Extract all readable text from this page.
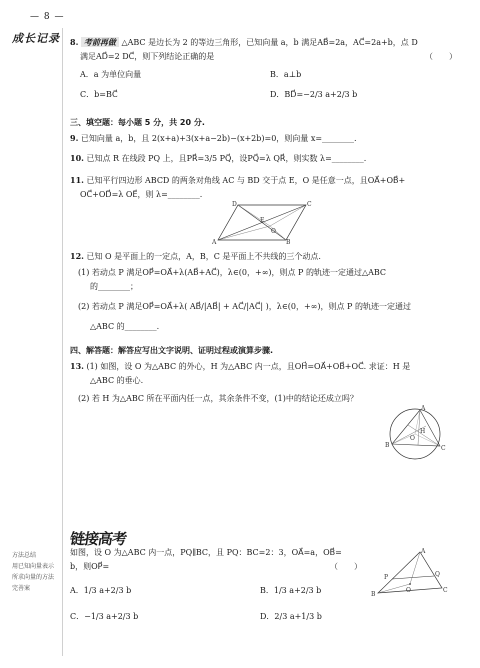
— 8 —
成长记录 8. 考前再做 △ABC 是边长为 2 的等边三角形，已知向量 a，b 满足AB⃗=2a，AC⃗=2a+b，点 D
满足AD⃗=2 DC⃗，则下列结论正确的是	（　　）
A．a 为单位向量	B．a⊥b
C．b=BC⃗	D．BD⃗=−2/3 a+2/3 b
三、填空题：每小题 5 分，共 20 分.
9. 已知向量 a，b，且 2(x+a)+3(x+a−2b)−(x+2b)=0，则向量 x=________.
10. 已知点 R 在线段 PQ 上，且PR⃗=3/5 PQ⃗，设PQ⃗=λ QR⃗，则实数 λ=________.
11. 已知平行四边形 ABCD 的两条对角线 AC 与 BD 交于点 E，O 是任意一点，且OA⃗+OB⃗+
OC⃗+OD⃗=λ OE⃗，则 λ=________.
12. 已知 O 是平面上的一定点，A，B，C 是平面上不共线的三个动点.
(1) 若动点 P 满足OP⃗=OA⃗+λ(AB⃗+AC⃗)，λ∈(0，+∞)，则点 P 的轨迹一定通过△ABC
的________；
(2) 若动点 P 满足OP⃗=OA⃗+λ( AB⃗/|AB⃗| + AC⃗/|AC⃗| )，λ∈(0，+∞)，则点 P 的轨迹一定通过
△ABC 的________.
四、解答题：解答应写出文字说明、证明过程或演算步骤.
13. (1) 如图，设 O 为△ABC 的外心，H 为△ABC 内一点，且OH⃗=OA⃗+OB⃗+OC⃗. 求证：H 是
△ABC 的垂心.
(2) 若 H 为△ABC 所在平面内任一点，其余条件不变，(1)中的结论还成立吗？
如图，设 O 为△ABC 内一点，PQ∥BC，且 PQ：BC=2：3，OA⃗=a，OB⃗=
b，则OP⃗=	（　　）
A．1/3 a+2/3 b	B．1/3 a+2/3 b
C．−1/3 a+2/3 b	D．2/3 a+1/3 b
链接高考
方法总结
用已知向量表示
所求向量的方法
完善案
A	B
C
D
E
O
A
B	C
O
H
A
B
C
O
P	Q
